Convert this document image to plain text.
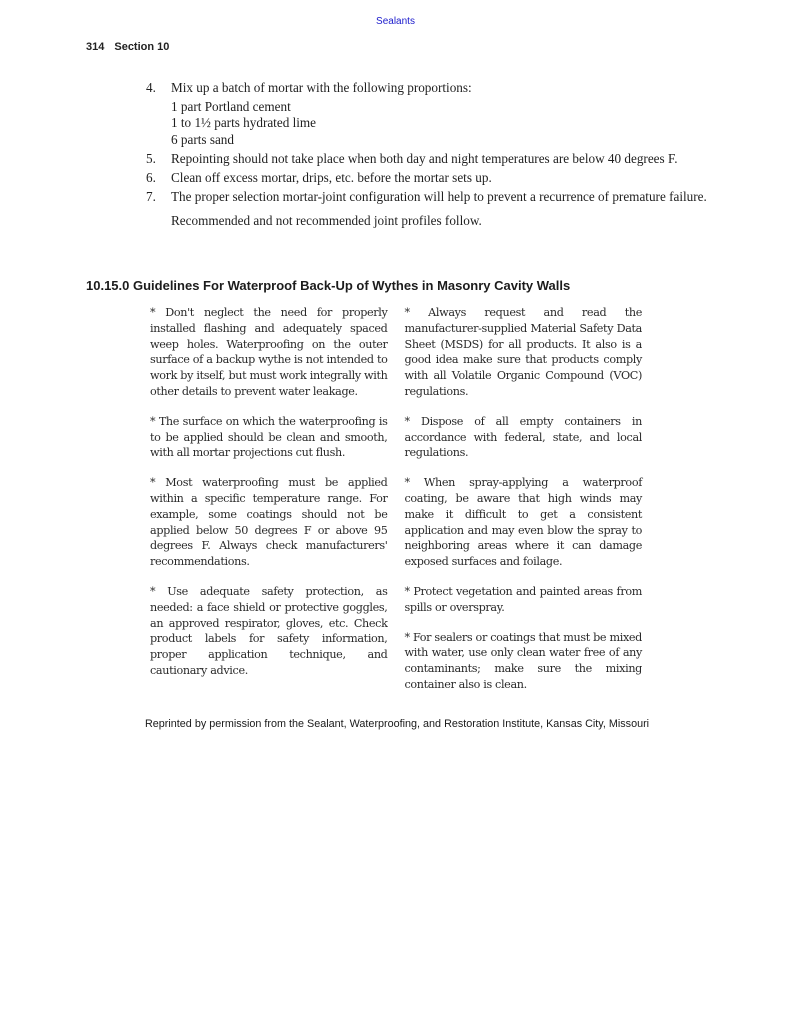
Sealants
314 Section 10
4.	Mix up a batch of mortar with the following proportions:
1 part Portland cement
1 to 1½ parts hydrated lime
6 parts sand
5.	Repointing should not take place when both day and night temperatures are below 40 degrees F.
6.	Clean off excess mortar, drips, etc. before the mortar sets up.
7.	The proper selection mortar-joint configuration will help to prevent a recurrence of premature failure.
Recommended and not recommended joint profiles follow.
10.15.0 Guidelines For Waterproof Back-Up of Wythes in Masonry Cavity Walls

* Don't neglect the need for properly installed flashing and adequately spaced weep holes. Waterproofing on the outer surface of a backup wythe is not intended to work by itself, but must work integrally with other details to prevent water leakage.

* The surface on which the waterproofing is to be applied should be clean and smooth, with all mortar projections cut flush.

* Most waterproofing must be applied within a specific temperature range. For example, some coatings should not be applied below 50 degrees F or above 95 degrees F. Always check manufacturers' recommendations.

* Use adequate safety protection, as needed: a face shield or protective goggles, an approved respirator, gloves, etc. Check product labels for safety information, proper application technique, and cautionary advice.

* Always request and read the manufacturer-supplied Material Safety Data Sheet (MSDS) for all products. It also is a good idea make sure that products comply with all Volatile Organic Compound (VOC) regulations.

* Dispose of all empty containers in accordance with federal, state, and local regulations.

* When spray-applying a waterproof coating, be aware that high winds may make it difficult to get a consistent application and may even blow the spray to neighboring areas where it can damage exposed surfaces and foilage.

* Protect vegetation and painted areas from spills or overspray.

* For sealers or coatings that must be mixed with water, use only clean water free of any contaminants; make sure the mixing container also is clean.

Reprinted by permission from the Sealant, Waterproofing, and Restoration Institute, Kansas City, Missouri
